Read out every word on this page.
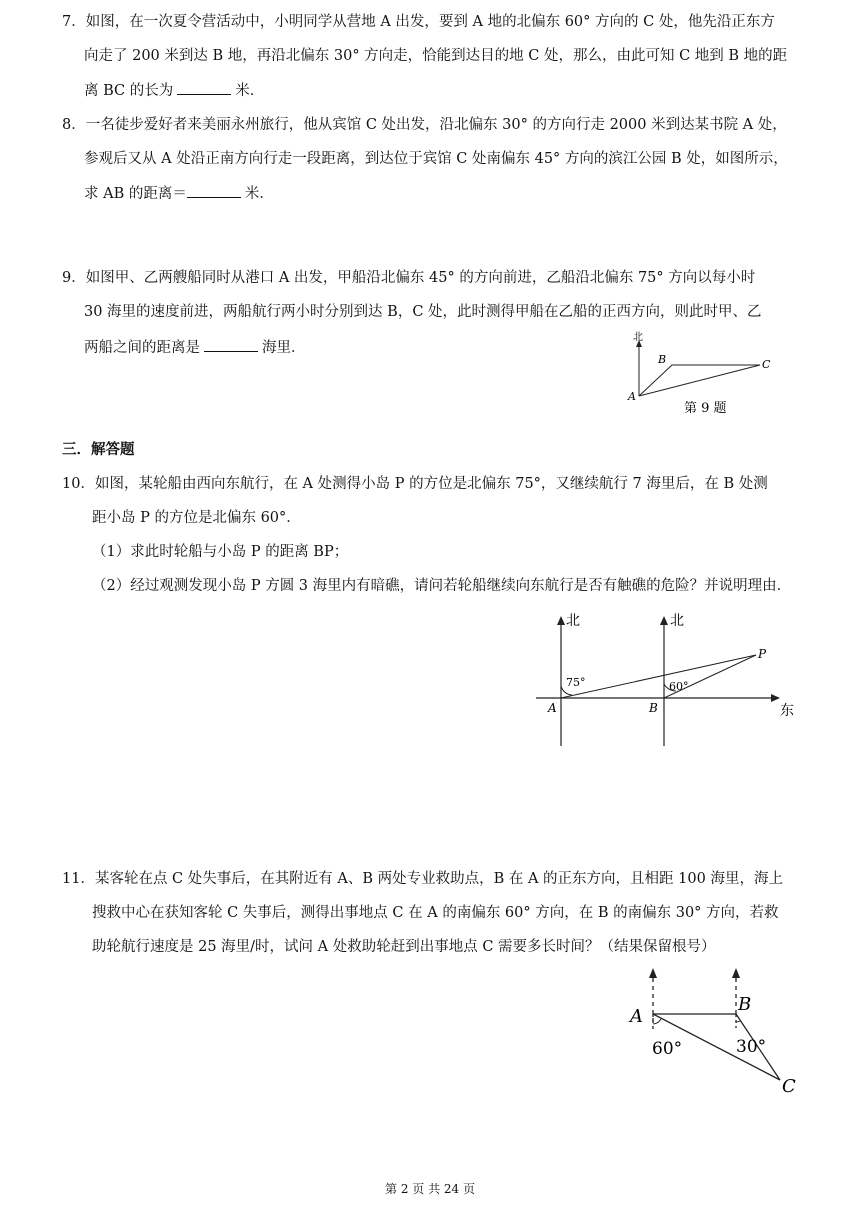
7．如图，在一次夏令营活动中，小明同学从营地 A 出发，要到 A 地的北偏东 60° 方向的 C 处，他先沿正东方
向走了 200 米到达 B 地，再沿北偏东 30° 方向走，恰能到达目的地 C 处，那么，由此可知 C 地到 B 地的距
离 BC 的长为	米．
8．一名徒步爱好者来美丽永州旅行，他从宾馆 C 处出发，沿北偏东 30° 的方向行走 2000 米到达某书院 A 处，
参观后又从 A 处沿正南方向行走一段距离，到达位于宾馆 C 处南偏东 45° 方向的滨江公园 B 处，如图所示，
求 AB 的距离＝	米．
9．如图甲、乙两艘船同时从港口 A 出发，甲船沿北偏东 45° 的方向前进，乙船沿北偏东 75° 方向以每小时
30 海里的速度前进，两船航行两小时分别到达 B，C 处，此时测得甲船在乙船的正西方向，则此时甲、乙
两船之间的距离是	海里．
北
B	C
A
第 9 题
三．解答题
10．如图，某轮船由西向东航行，在 A 处测得小岛 P 的方位是北偏东 75°，又继续航行 7 海里后，在 B 处测
距小岛 P 的方位是北偏东 60°．
（1）求此时轮船与小岛 P 的距离 BP；
（2）经过观测发现小岛 P 方圆 3 海里内有暗礁，请问若轮船继续向东航行是否有触礁的危险？并说明理由．
东
北	北
75°	60°
A	B
P
11．某客轮在点 C 处失事后，在其附近有 A、B 两处专业救助点，B 在 A 的正东方向，且相距 100 海里，海上
搜救中心在获知客轮 C 失事后，测得出事地点 C 在 A 的南偏东 60° 方向，在 B 的南偏东 30° 方向，若救
助轮航行速度是 25 海里/时，试问 A 处救助轮赶到出事地点 C 需要多长时间？（结果保留根号）
A
B
C
60°	30°
第 2 页 共 24 页
